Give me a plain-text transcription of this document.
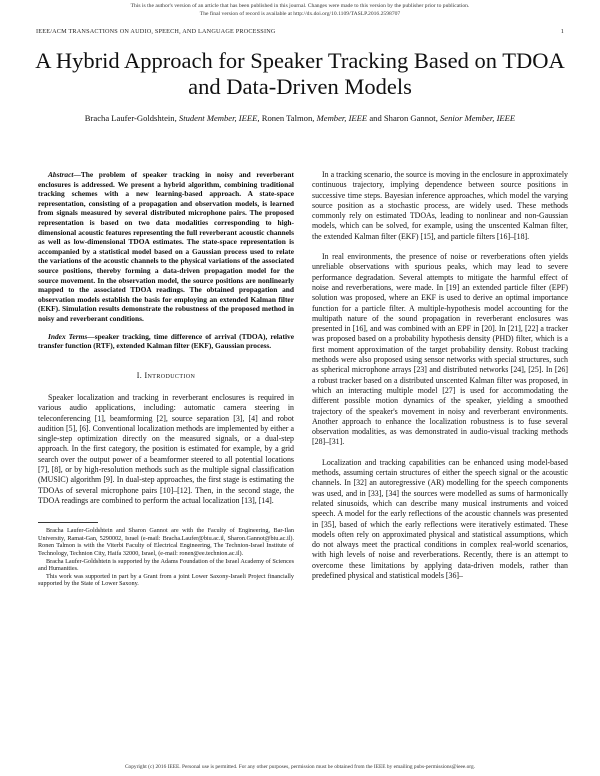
This is the author's version of an article that has been published in this journal. Changes were made to this version by the publisher prior to publication.
The final version of record is available at http://dx.doi.org/10.1109/TASLP.2016.2598707
IEEE/ACM TRANSACTIONS ON AUDIO, SPEECH, AND LANGUAGE PROCESSING	1
A Hybrid Approach for Speaker Tracking Based on TDOA and Data-Driven Models
Bracha Laufer-Goldshtein, Student Member, IEEE, Ronen Talmon, Member, IEEE and Sharon Gannot, Senior Member, IEEE

Abstract—The problem of speaker tracking in noisy and reverberant enclosures is addressed. We present a hybrid algorithm, combining traditional tracking schemes with a new learning-based approach. A state-space representation, consisting of a propagation and observation models, is learned from signals measured by several distributed microphone pairs. The proposed representation is based on two data modalities corresponding to high-dimensional acoustic features representing the full reverberant acoustic channels as well as low-dimensional TDOA estimates. The state-space representation is accompanied by a statistical model based on a Gaussian process used to relate the variations of the acoustic channels to the physical variations of the associated source positions, thereby forming a data-driven propagation model for the source movement. In the observation model, the source positions are nonlinearly mapped to the associated TDOA readings. The obtained propagation and observation models establish the basis for employing an extended Kalman filter (EKF). Simulation results demonstrate the robustness of the proposed method in noisy and reverberant conditions.

Index Terms—speaker tracking, time difference of arrival (TDOA), relative transfer function (RTF), extended Kalman filter (EKF), Gaussian process.

I. Introduction

Speaker localization and tracking in reverberant enclosures is required in various audio applications, including: automatic camera steering in teleconferencing [1], beamforming [2], source separation [3], [4] and robot audition [5], [6]. Conventional localization methods are implemented by either a single-step optimization directly on the measured signals, or a dual-step approach. In the first category, the position is estimated for example, by a grid search over the output power of a beamformer steered to all potential locations [7], [8], or by high-resolution methods such as the multiple signal classification (MUSIC) algorithm [9]. In dual-step approaches, the first stage is estimating the TDOAs of several microphone pairs [10]–[12]. Then, in the second stage, the TDOA readings are combined to perform the actual localization [13], [14].

Bracha Laufer-Goldshtein and Sharon Gannot are with the Faculty of Engineering, Bar-Ilan University, Ramat-Gan, 5290002, Israel (e-mail: Bracha.Laufer@biu.ac.il, Sharon.Gannot@biu.ac.il). Ronen Talmon is with the Viterbi Faculty of Electrical Engineering, The Technion-Israel Institute of Technology, Technion City, Haifa 32000, Israel, (e-mail: ronen@ee.technion.ac.il).

Bracha Laufer-Goldshtein is supported by the Adams Foundation of the Israel Academy of Sciences and Humanities.

This work was supported in part by a Grant from a joint Lower Saxony-Israeli Project financially supported by the State of Lower Saxony.

In a tracking scenario, the source is moving in the enclosure in approximately continuous trajectory, implying dependence between source positions in successive time steps. Bayesian inference approaches, which model the varying source position as a stochastic process, are widely used. These methods commonly rely on estimated TDOAs, leading to nonlinear and non-Gaussian models, which can be solved, for example, using the unscented Kalman filter, the extended Kalman filter (EKF) [15], and particle filters [16]–[18].

In real environments, the presence of noise or reverberations often yields unreliable observations with spurious peaks, which may lead to severe performance degradation. Several attempts to mitigate the harmful effect of noise and reverberations, were made. In [19] an extended particle filter (EPF) solution was proposed, where an EKF is used to derive an optimal importance function for a particle filter. A multiple-hypothesis model accounting for the multipath nature of the sound propagation in reverberant enclosures was presented in [16], and was combined with an EPF in [20]. In [21], [22] a tracker was proposed based on a probability hypothesis density (PHD) filter, which is a first moment approximation of the target probability density. Robust tracking methods were also proposed using sensor networks with special structures, such as spherical microphone arrays [23] and distributed networks [24], [25]. In [26] a robust tracker based on a distributed unscented Kalman filter was proposed, in which an interacting multiple model [27] is used for accommodating the different possible motion dynamics of the speaker, yielding a smoothed trajectory of the speaker's movement in noisy and reverberant environments. Another approach to enhance the localization robustness is to fuse several observation modalities, as was demonstrated in audio-visual tracking methods [28]–[31].

Localization and tracking capabilities can be enhanced using model-based methods, assuming certain structures of either the speech signal or the acoustic channels. In [32] an autoregressive (AR) modelling for the speech components was used, and in [33], [34] the sources were modelled as sums of harmonically related sinusoids, which can describe many musical instruments and voiced speech. A model for the early reflections of the acoustic channels was presented in [35], based of which the early reflections were iteratively estimated. These models often rely on approximated physical and statistical assumptions, which do not always meet the practical conditions in complex real-world scenarios, with high levels of noise and reverberations. Recently, there is an attempt to overcome these limitations by applying data-driven models, rather than predefined physical and statistical models [36]–

Copyright (c) 2016 IEEE. Personal use is permitted. For any other purposes, permission must be obtained from the IEEE by emailing pubs-permissions@ieee.org.
